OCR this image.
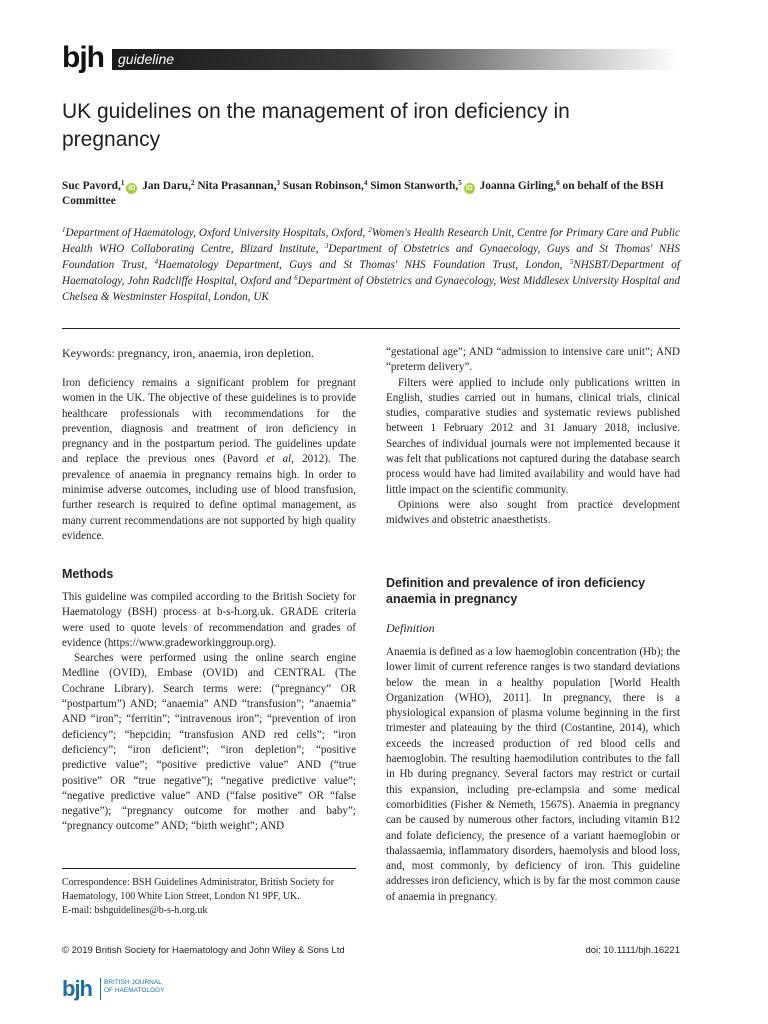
bjh guideline
UK guidelines on the management of iron deficiency in pregnancy
Suc Pavord,$^1$iD Jan Daru,$^2$ Nita Prasannan,$^3$ Susan Robinson,$^4$ Simon Stanworth,$^5$iD Joanna Girling,$^6$ on behalf of the BSH Committee
$^1$Department of Haematology, Oxford University Hospitals, Oxford, $^2$Women's Health Research Unit, Centre for Primary Care and Public Health WHO Collaborating Centre, Blizard Institute, $^3$Department of Obstetrics and Gynaecology, Guys and St Thomas' NHS Foundation Trust, $^4$Haematology Department, Guys and St Thomas' NHS Foundation Trust, London, $^5$NHSBT/Department of Haematology, John Radcliffe Hospital, Oxford and $^6$Department of Obstetrics and Gynaecology, West Middlesex University Hospital and Chelsea & Westminster Hospital, London, UK
Keywords: pregnancy, iron, anaemia, iron depletion.

Iron deficiency remains a significant problem for pregnant women in the UK. The objective of these guidelines is to provide healthcare professionals with recommendations for the prevention, diagnosis and treatment of iron deficiency in pregnancy and in the postpartum period. The guidelines update and replace the previous ones (Pavord et al, 2012). The prevalence of anaemia in pregnancy remains high. In order to minimise adverse outcomes, including use of blood transfusion, further research is required to define optimal management, as many current recommendations are not supported by high quality evidence.

Methods

This guideline was compiled according to the British Society for Haematology (BSH) process at b-s-h.org.uk. GRADE criteria were used to quote levels of recommendation and grades of evidence (https://www.gradeworkinggroup.org).

Searches were performed using the online search engine Medline (OVID), Embase (OVID) and CENTRAL (The Cochrane Library). Search terms were: (“pregnancy” OR “postpartum”) AND; “anaemia” AND “transfusion”; “anaemia” AND “iron”; “ferritin”; “intravenous iron”; “prevention of iron deficiency”; “hepcidin; “transfusion AND red cells”; “iron deficiency”; “iron deficient”; “iron depletion”; “positive predictive value”; “positive predictive value” AND (“true positive” OR “true negative”); “negative predictive value”; “negative predictive value” AND (“false positive” OR “false negative”); “pregnancy outcome for mother and baby”; “pregnancy outcome” AND; “birth weight”; AND

Correspondence: BSH Guidelines Administrator, British Society for Haematology, 100 White Lion Street, London N1 9PF, UK.
E-mail: bshguidelines@b-s-h.org.uk

“gestational age”; AND “admission to intensive care unit”; AND “preterm delivery”.

Filters were applied to include only publications written in English, studies carried out in humans, clinical trials, clinical studies, comparative studies and systematic reviews published between 1 February 2012 and 31 January 2018, inclusive. Searches of individual journals were not implemented because it was felt that publications not captured during the database search process would have had limited availability and would have had little impact on the scientific community.

Opinions were also sought from practice development midwives and obstetric anaesthetists.

Definition and prevalence of iron deficiency anaemia in pregnancy
Definition

Anaemia is defined as a low haemoglobin concentration (Hb); the lower limit of current reference ranges is two standard deviations below the mean in a healthy population [World Health Organization (WHO), 2011]. In pregnancy, there is a physiological expansion of plasma volume beginning in the first trimester and plateauing by the third (Costantine, 2014), which exceeds the increased production of red blood cells and haemoglobin. The resulting haemodilution contributes to the fall in Hb during pregnancy. Several factors may restrict or curtail this expansion, including pre-eclampsia and some medical comorbidities (Fisher & Nemeth, 1567S). Anaemia in pregnancy can be caused by numerous other factors, including vitamin B12 and folate deficiency, the presence of a variant haemoglobin or thalassaemia, inflammatory disorders, haemolysis and blood loss, and, most commonly, by deficiency of iron. This guideline addresses iron deficiency, which is by far the most common cause of anaemia in pregnancy.

© 2019 British Society for Haematology and John Wiley & Sons Ltd	doi: 10.1111/bjh.16221
bjh BRITISH JOURNAL
OF HAEMATOLOGY
